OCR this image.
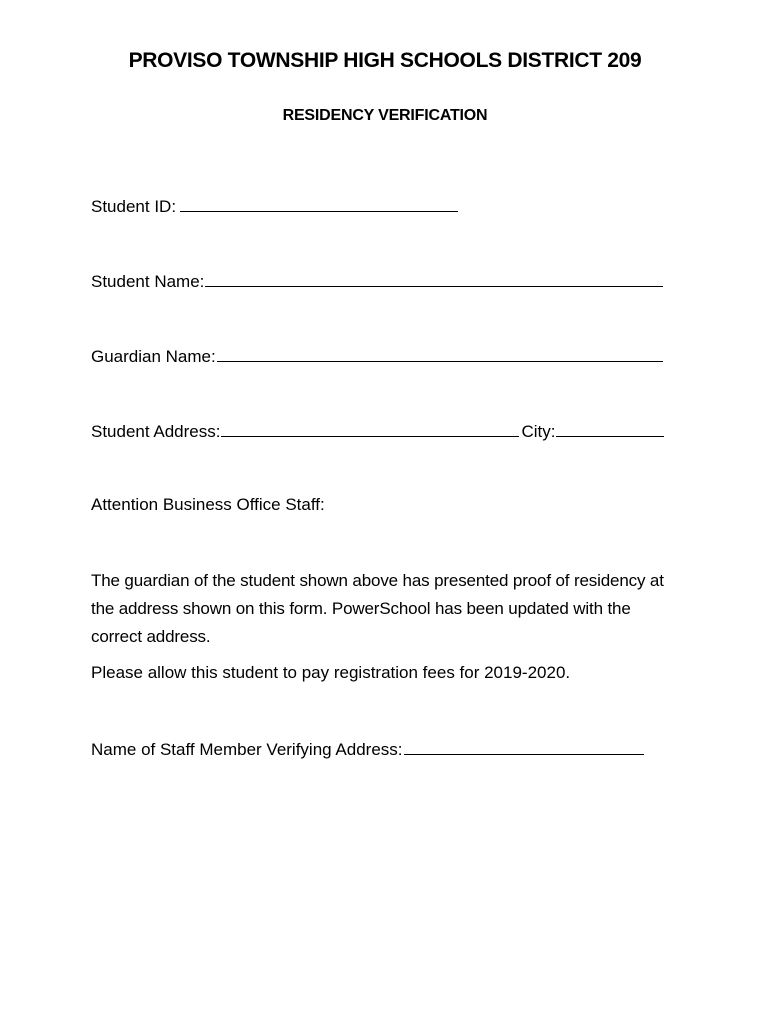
PROVISO TOWNSHIP HIGH SCHOOLS DISTRICT 209
RESIDENCY VERIFICATION
Student ID:
Student Name:
Guardian Name:
Student Address:	City:
Attention Business Office Staff:
The guardian of the student shown above has presented proof of residency at the address shown on this form. PowerSchool has been updated with the correct address.
Please allow this student to pay registration fees for 2019-2020.
Name of Staff Member Verifying Address:
